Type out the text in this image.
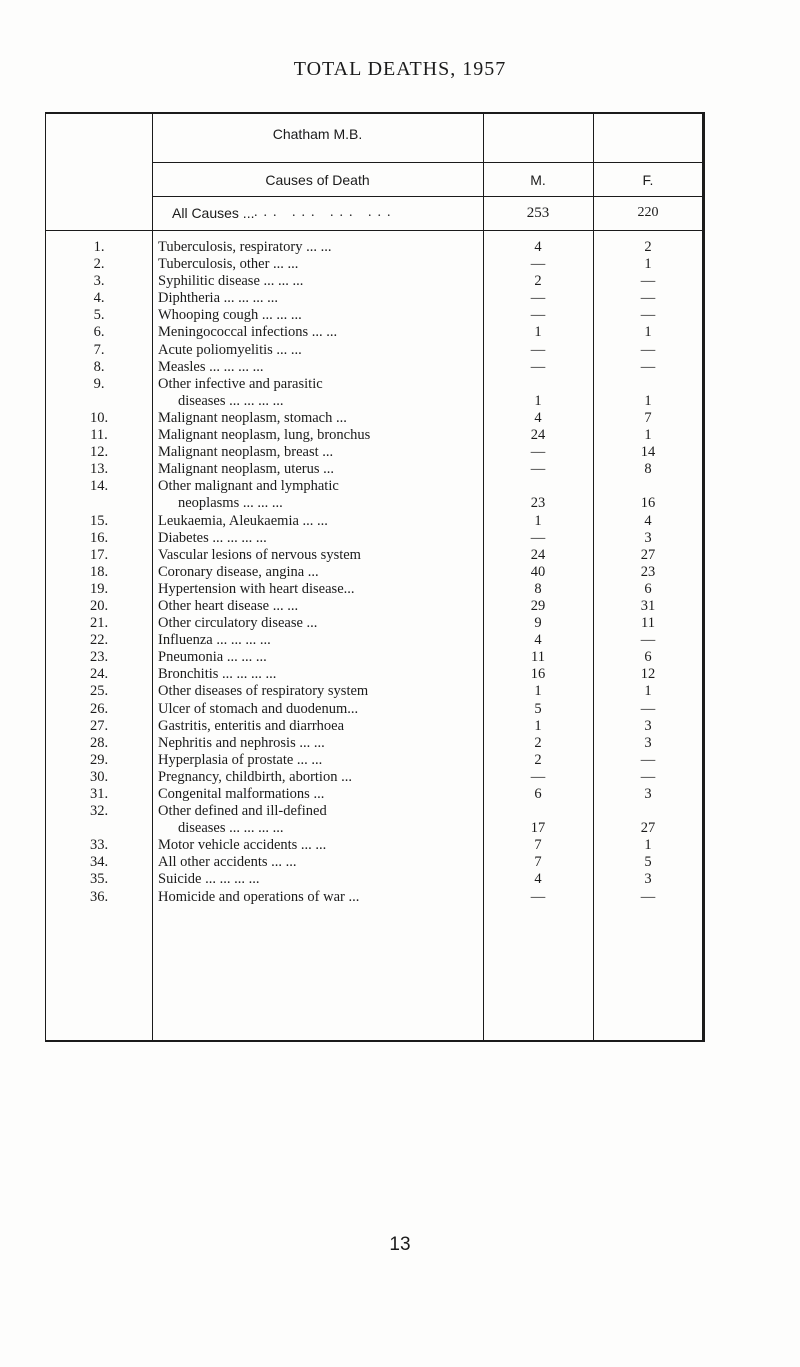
TOTAL DEATHS, 1957
Chatham M.B.
Causes of Death	M.	F.
All Causes ... ... ... ... ...	253	220
1.	Tuberculosis, respiratory ... ...	4	2
2.	Tuberculosis, other ... ...	—	1
3.	Syphilitic disease ... ... ...	2	—
4.	Diphtheria ... ... ... ...	—	—
5.	Whooping cough ... ... ...	—	—
6.	Meningococcal infections ... ...	1	1
7.	Acute poliomyelitis ... ...	—	—
8.	Measles ... ... ... ...	—	—
9.	Other infective and parasitic
diseases ... ... ... ...	1	1
10.	Malignant neoplasm, stomach ...	4	7
11.	Malignant neoplasm, lung, bronchus	24	1
12.	Malignant neoplasm, breast ...	—	14
13.	Malignant neoplasm, uterus ...	—	8
14.	Other malignant and lymphatic
neoplasms ... ... ...	23	16
15.	Leukaemia, Aleukaemia ... ...	1	4
16.	Diabetes ... ... ... ...	—	3
17.	Vascular lesions of nervous system	24	27
18.	Coronary disease, angina ...	40	23
19.	Hypertension with heart disease...	8	6
20.	Other heart disease ... ...	29	31
21.	Other circulatory disease ...	9	11
22.	Influenza ... ... ... ...	4	—
23.	Pneumonia ... ... ...	11	6
24.	Bronchitis ... ... ... ...	16	12
25.	Other diseases of respiratory system	1	1
26.	Ulcer of stomach and duodenum...	5	—
27.	Gastritis, enteritis and diarrhoea	1	3
28.	Nephritis and nephrosis ... ...	2	3
29.	Hyperplasia of prostate ... ...	2	—
30.	Pregnancy, childbirth, abortion ...	—	—
31.	Congenital malformations ...	6	3
32.	Other defined and ill-defined
diseases ... ... ... ...	17	27
33.	Motor vehicle accidents ... ...	7	1
34.	All other accidents ... ...	7	5
35.	Suicide ... ... ... ...	4	3
36.	Homicide and operations of war ...	—	—
13
